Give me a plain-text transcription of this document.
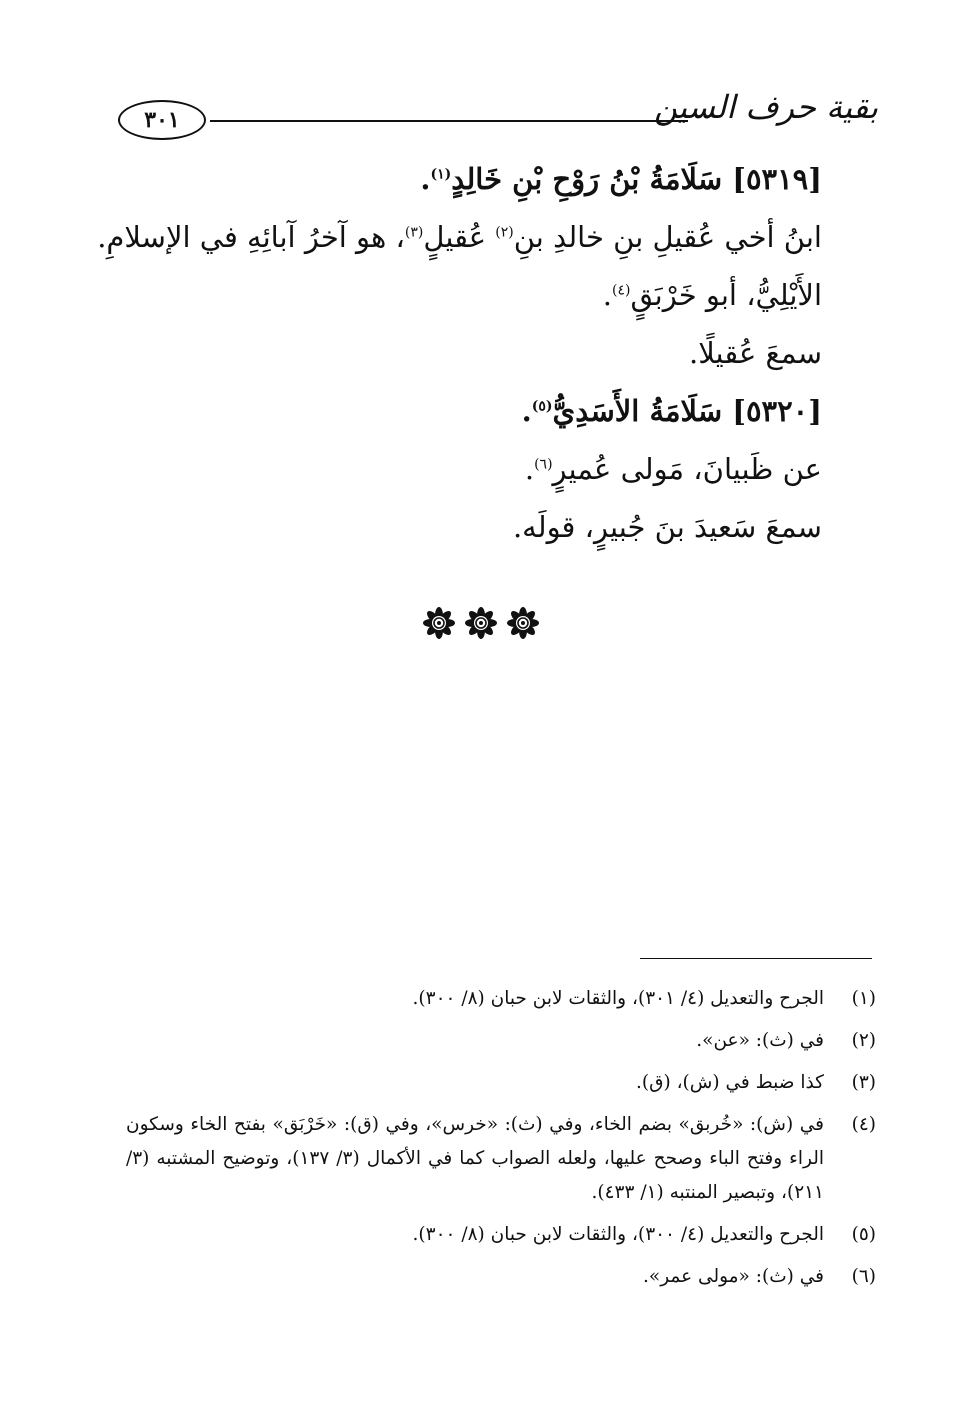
بقية حرف السين
٣٠١
[٥٣١٩] سَلَامَةُ بْنُ رَوْحِ بْنِ خَالِدٍ$^{(١)}$.
ابنُ أخي عُقيلِ بنِ خالدِ بنِ$^{(٢)}$ عُقيلٍ$^{(٣)}$، هو آخرُ آبائِهِ في الإسلامِ.
الأَيْلِيُّ، أبو خَرْبَقٍ$^{(٤)}$.
سمعَ عُقيلًا.
[٥٣٢٠] سَلَامَةُ الأَسَدِيُّ$^{(٥)}$.
عن ظَبيانَ، مَولى عُميرٍ$^{(٦)}$.
سمعَ سَعيدَ بنَ جُبيرٍ، قولَه.
(١)
الجرح والتعديل (٤/ ٣٠١)، والثقات لابن حبان (٨/ ٣٠٠).
(٢)
في (ث): «عن».
(٣)
كذا ضبط في (ش)، (ق).
(٤)
في (ش): «خُربق» بضم الخاء، وفي (ث): «خرس»، وفي (ق): «خَرْبَق» بفتح الخاء وسكون الراء وفتح الباء وصحح عليها، ولعله الصواب كما في الأكمال (٣/ ١٣٧)، وتوضيح المشتبه (٣/ ٢١١)، وتبصير المنتبه (١/ ٤٣٣).
(٥)
الجرح والتعديل (٤/ ٣٠٠)، والثقات لابن حبان (٨/ ٣٠٠).
(٦)
في (ث): «مولى عمر».
